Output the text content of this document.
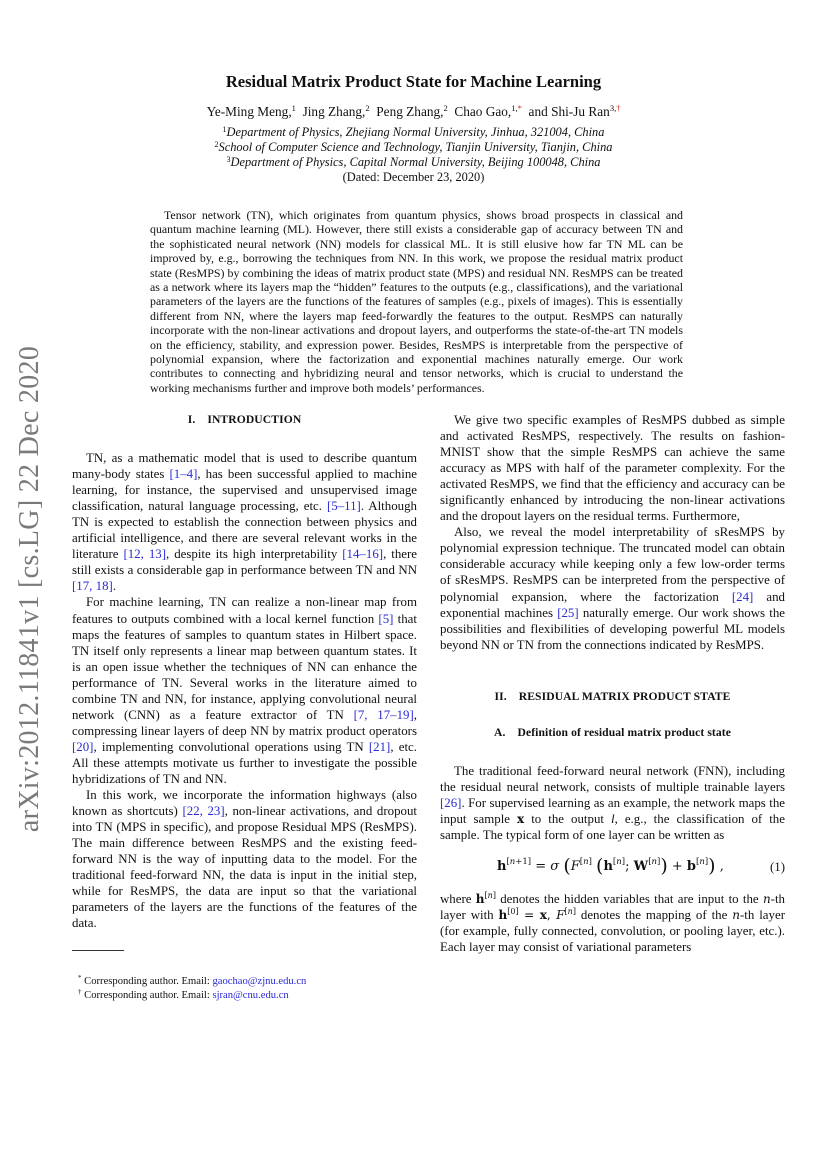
arXiv:2012.11841v1 [cs.LG] 22 Dec 2020
Residual Matrix Product State for Machine Learning
Ye-Ming Meng,$^1$ Jing Zhang,$^2$ Peng Zhang,$^2$ Chao Gao,$^{1,*}$ and Shi-Ju Ran$^{3,\dagger}$
$^1$Department of Physics, Zhejiang Normal University, Jinhua, 321004, China
$^2$School of Computer Science and Technology, Tianjin University, Tianjin, China
$^3$Department of Physics, Capital Normal University, Beijing 100048, China
(Dated: December 23, 2020)
Tensor network (TN), which originates from quantum physics, shows broad prospects in classical and quantum machine learning (ML). However, there still exists a considerable gap of accuracy between TN and the sophisticated neural network (NN) models for classical ML. It is still elusive how far TN ML can be improved by, e.g., borrowing the techniques from NN. In this work, we propose the residual matrix product state (ResMPS) by combining the ideas of matrix product state (MPS) and residual NN. ResMPS can be treated as a network where its layers map the “hidden” features to the outputs (e.g., classifications), and the variational parameters of the layers are the functions of the features of samples (e.g., pixels of images). This is essentially different from NN, where the layers map feed-forwardly the features to the output. ResMPS can naturally incorporate with the non-linear activations and dropout layers, and outperforms the state-of-the-art TN models on the efficiency, stability, and expression power. Besides, ResMPS is interpretable from the perspective of polynomial expansion, where the factorization and exponential machines naturally emerge. Our work contributes to connecting and hybridizing neural and tensor networks, which is crucial to understand the working mechanisms further and improve both models’ performances.
I. INTRODUCTION

TN, as a mathematic model that is used to describe quantum many-body states [1–4], has been successful applied to machine learning, for instance, the supervised and unsupervised image classification, natural language processing, etc. [5–11]. Although TN is expected to establish the connection between physics and artificial intelligence, and there are several relevant works in the literature [12, 13], despite its high interpretability [14–16], there still exists a considerable gap in performance between TN and NN [17, 18].

For machine learning, TN can realize a non-linear map from features to outputs combined with a local kernel function [5] that maps the features of samples to quantum states in Hilbert space. TN itself only represents a linear map between quantum states. It is an open issue whether the techniques of NN can enhance the performance of TN. Several works in the literature aimed to combine TN and NN, for instance, applying convolutional neural network (CNN) as a feature extractor of TN [7, 17–19], compressing linear layers of deep NN by matrix product operators [20], implementing convolutional operations using TN [21], etc. All these attempts motivate us further to investigate the possible hybridizations of TN and NN.

In this work, we incorporate the information highways (also known as shortcuts) [22, 23], non-linear activations, and dropout into TN (MPS in specific), and propose Residual MPS (ResMPS). The main difference between ResMPS and the existing feed-forward NN is the way of inputting data to the model. For the traditional feed-forward NN, the data is input in the initial step, while for ResMPS, the data are input so that the variational parameters of the layers are the functions of the features of the data.

* Corresponding author. Email: gaochao@zjnu.edu.cn
† Corresponding author. Email: sjran@cnu.edu.cn

We give two specific examples of ResMPS dubbed as simple and activated ResMPS, respectively. The results on fashion-MNIST show that the simple ResMPS can achieve the same accuracy as MPS with half of the parameter complexity. For the activated ResMPS, we find that the efficiency and accuracy can be significantly enhanced by introducing the non-linear activations and the dropout layers on the residual terms. Furthermore,

Also, we reveal the model interpretability of sResMPS by polynomial expression technique. The truncated model can obtain considerable accuracy while keeping only a few low-order terms of sResMPS. ResMPS can be interpreted from the perspective of polynomial expansion, where the factorization [24] and exponential machines [25] naturally emerge. Our work shows the possibilities and flexibilities of developing powerful ML models beyond NN or TN from the connections indicated by ResMPS.

II. RESIDUAL MATRIX PRODUCT STATE
A. Definition of residual matrix product state

The traditional feed-forward neural network (FNN), including the residual neural network, consists of multiple trainable layers [26]. For supervised learning as an example, the network maps the input sample x to the output l, e.g., the classification of the sample. The typical form of one layer can be written as

h[n+1] = σ (F[n] (h[n]; W[n]) + b[n]) ,	(1)

where h[n] denotes the hidden variables that are input to the n-th layer with h[0] = x, F[n] denotes the mapping of the n-th layer (for example, fully connected, convolution, or pooling layer, etc.). Each layer may consist of variational parameters
